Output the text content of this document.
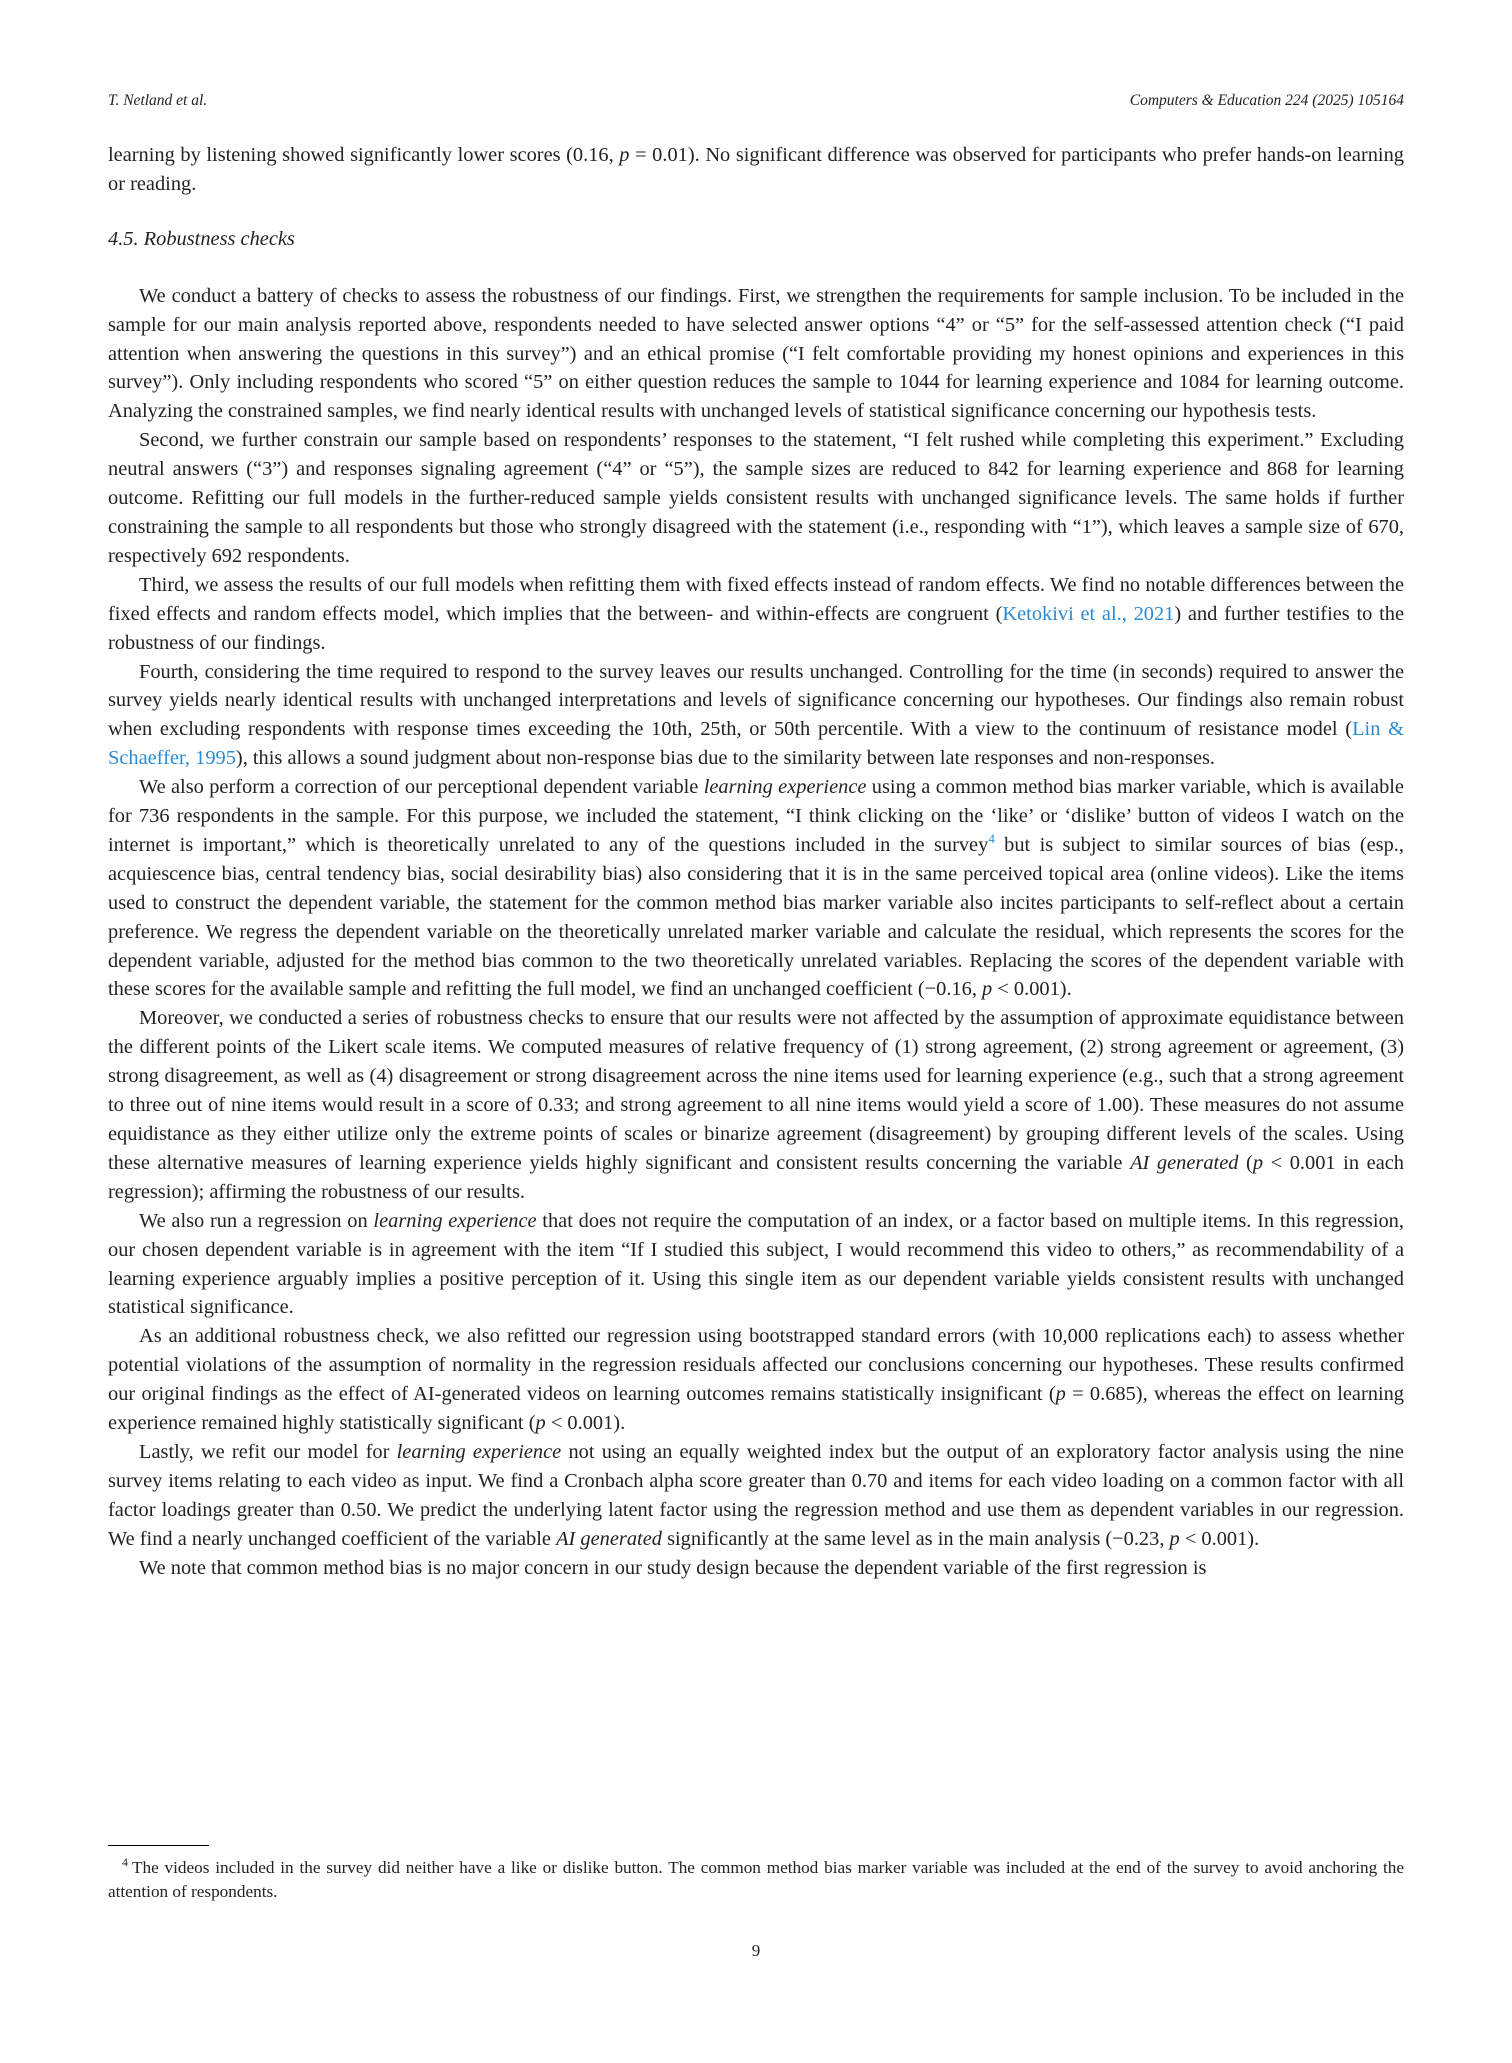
T. Netland et al.	Computers & Education 224 (2025) 105164

learning by listening showed significantly lower scores (0.16, p = 0.01). No significant difference was observed for participants who prefer hands-on learning or reading.

4.5. Robustness checks

We conduct a battery of checks to assess the robustness of our findings. First, we strengthen the requirements for sample inclusion. To be included in the sample for our main analysis reported above, respondents needed to have selected answer options “4” or “5” for the self-assessed attention check (“I paid attention when answering the questions in this survey”) and an ethical promise (“I felt comfortable providing my honest opinions and experiences in this survey”). Only including respondents who scored “5” on either question reduces the sample to 1044 for learning experience and 1084 for learning outcome. Analyzing the constrained samples, we find nearly identical results with unchanged levels of statistical significance concerning our hypothesis tests.

Second, we further constrain our sample based on respondents’ responses to the statement, “I felt rushed while completing this experiment.” Excluding neutral answers (“3”) and responses signaling agreement (“4” or “5”), the sample sizes are reduced to 842 for learning experience and 868 for learning outcome. Refitting our full models in the further-reduced sample yields consistent results with unchanged significance levels. The same holds if further constraining the sample to all respondents but those who strongly disagreed with the statement (i.e., responding with “1”), which leaves a sample size of 670, respectively 692 respondents.

Third, we assess the results of our full models when refitting them with fixed effects instead of random effects. We find no notable differences between the fixed effects and random effects model, which implies that the between- and within-effects are congruent (Ketokivi et al., 2021) and further testifies to the robustness of our findings.

Fourth, considering the time required to respond to the survey leaves our results unchanged. Controlling for the time (in seconds) required to answer the survey yields nearly identical results with unchanged interpretations and levels of significance concerning our hypotheses. Our findings also remain robust when excluding respondents with response times exceeding the 10th, 25th, or 50th percentile. With a view to the continuum of resistance model (Lin & Schaeffer, 1995), this allows a sound judgment about non-response bias due to the similarity between late responses and non-responses.

We also perform a correction of our perceptional dependent variable learning experience using a common method bias marker variable, which is available for 736 respondents in the sample. For this purpose, we included the statement, “I think clicking on the ‘like’ or ‘dislike’ button of videos I watch on the internet is important,” which is theoretically unrelated to any of the questions included in the survey$^4$ but is subject to similar sources of bias (esp., acquiescence bias, central tendency bias, social desirability bias) also considering that it is in the same perceived topical area (online videos). Like the items used to construct the dependent variable, the statement for the common method bias marker variable also incites participants to self-reflect about a certain preference. We regress the dependent variable on the theoretically unrelated marker variable and calculate the residual, which represents the scores for the dependent variable, adjusted for the method bias common to the two theoretically unrelated variables. Replacing the scores of the dependent variable with these scores for the available sample and refitting the full model, we find an unchanged coefficient (−0.16, p < 0.001).

Moreover, we conducted a series of robustness checks to ensure that our results were not affected by the assumption of approximate equidistance between the different points of the Likert scale items. We computed measures of relative frequency of (1) strong agreement, (2) strong agreement or agreement, (3) strong disagreement, as well as (4) disagreement or strong disagreement across the nine items used for learning experience (e.g., such that a strong agreement to three out of nine items would result in a score of 0.33; and strong agreement to all nine items would yield a score of 1.00). These measures do not assume equidistance as they either utilize only the extreme points of scales or binarize agreement (disagreement) by grouping different levels of the scales. Using these alternative measures of learning experience yields highly significant and consistent results concerning the variable AI generated (p < 0.001 in each regression); affirming the robustness of our results.

We also run a regression on learning experience that does not require the computation of an index, or a factor based on multiple items. In this regression, our chosen dependent variable is in agreement with the item “If I studied this subject, I would recommend this video to others,” as recommendability of a learning experience arguably implies a positive perception of it. Using this single item as our dependent variable yields consistent results with unchanged statistical significance.

As an additional robustness check, we also refitted our regression using bootstrapped standard errors (with 10,000 replications each) to assess whether potential violations of the assumption of normality in the regression residuals affected our conclusions concerning our hypotheses. These results confirmed our original findings as the effect of AI-generated videos on learning outcomes remains statistically insignificant (p = 0.685), whereas the effect on learning experience remained highly statistically significant (p < 0.001).

Lastly, we refit our model for learning experience not using an equally weighted index but the output of an exploratory factor analysis using the nine survey items relating to each video as input. We find a Cronbach alpha score greater than 0.70 and items for each video loading on a common factor with all factor loadings greater than 0.50. We predict the underlying latent factor using the regression method and use them as dependent variables in our regression. We find a nearly unchanged coefficient of the variable AI generated significantly at the same level as in the main analysis (−0.23, p < 0.001).

We note that common method bias is no major concern in our study design because the dependent variable of the first regression is

$^4$ The videos included in the survey did neither have a like or dislike button. The common method bias marker variable was included at the end of the survey to avoid anchoring the attention of respondents.
9
